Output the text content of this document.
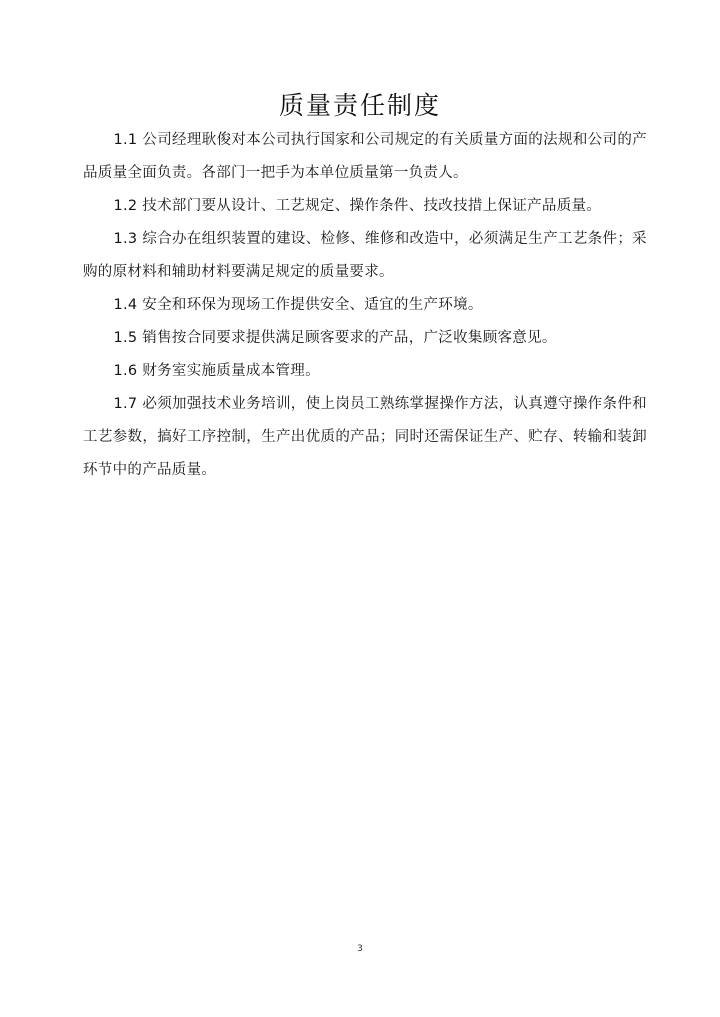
质量责任制度

1.1 公司经理耿俊对本公司执行国家和公司规定的有关质量方面的法规和公司的产品质量全面负责。各部门一把手为本单位质量第一负责人。

1.2 技术部门要从设计、工艺规定、操作条件、技改技措上保证产品质量。

1.3 综合办在组织装置的建设、检修、维修和改造中，必须满足生产工艺条件；采购的原材料和辅助材料要满足规定的质量要求。

1.4 安全和环保为现场工作提供安全、适宜的生产环境。

1.5 销售按合同要求提供满足顾客要求的产品，广泛收集顾客意见。

1.6 财务室实施质量成本管理。

1.7 必须加强技术业务培训，使上岗员工熟练掌握操作方法，认真遵守操作条件和工艺参数，搞好工序控制，生产出优质的产品；同时还需保证生产、贮存、转输和装卸环节中的产品质量。

3
